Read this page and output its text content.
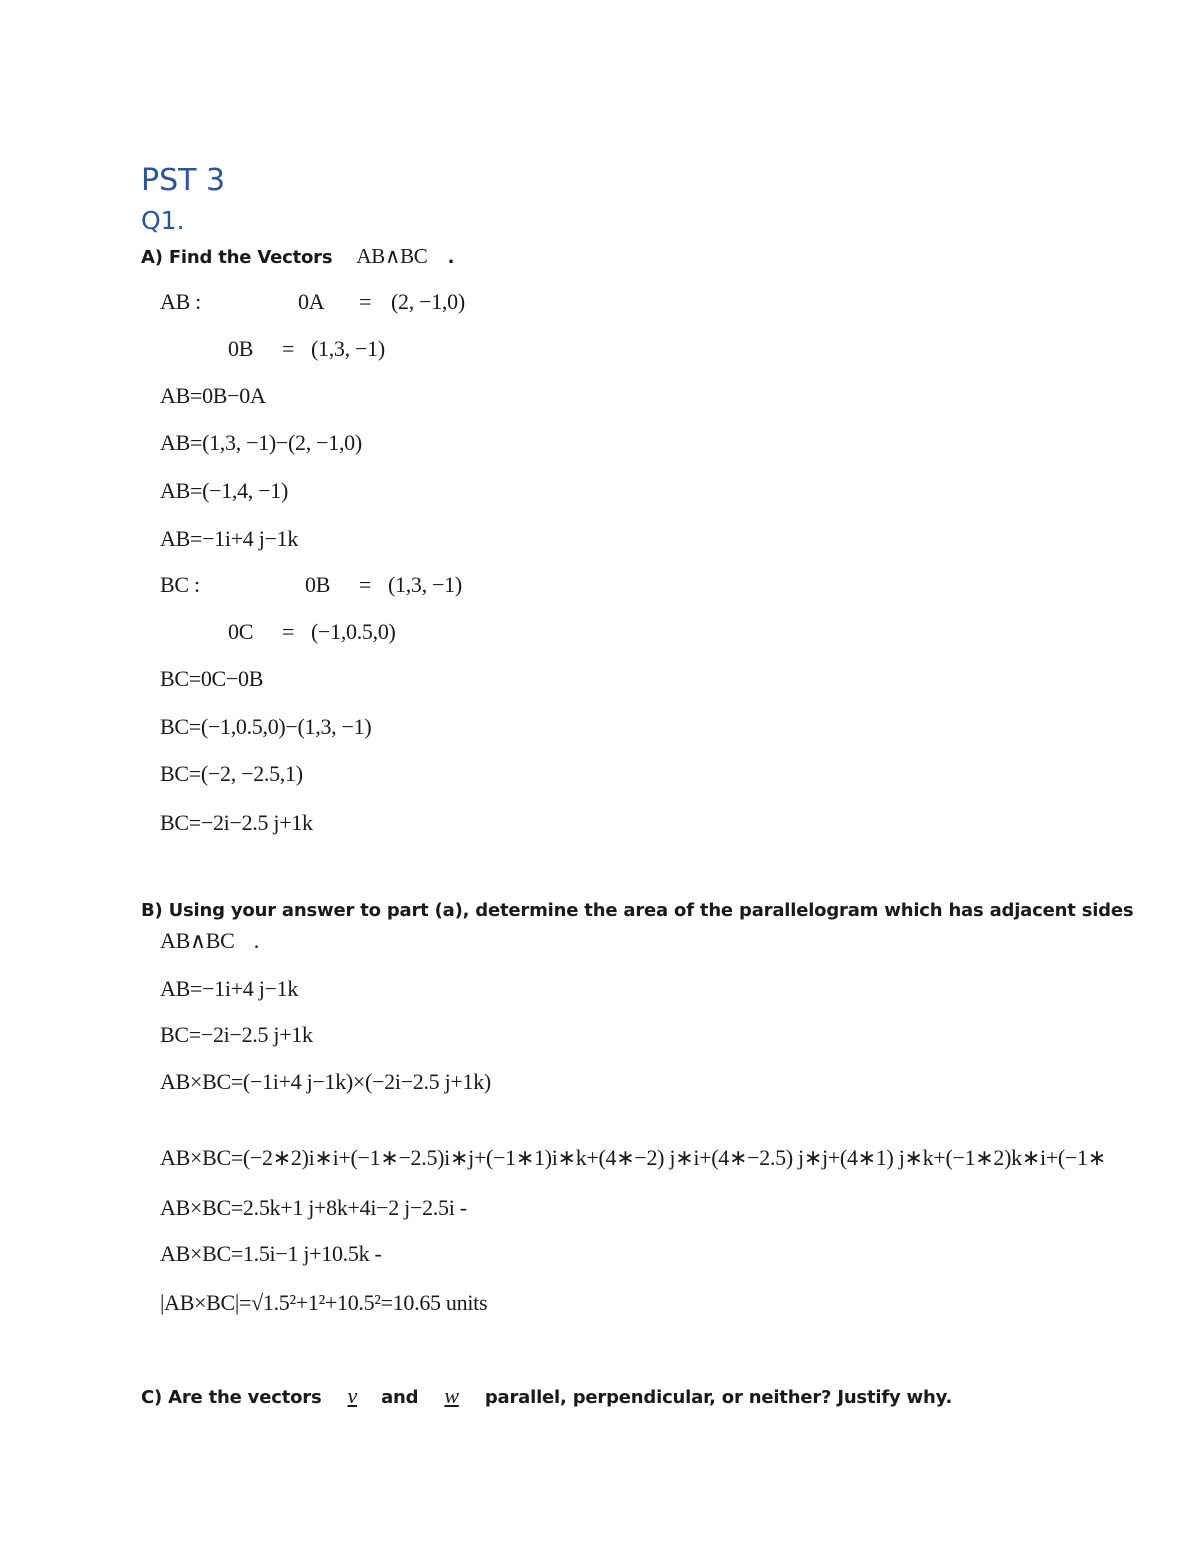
PST 3
Q1.
A) Find the Vectors AB∧BC .
AB :	0A = (2, −1,0)
0B = (1,3, −1)
AB=0B−0A
AB=(1,3, −1)−(2, −1,0)
AB=(−1,4, −1)
AB=−1i+4 j−1k
BC :	0B = (1,3, −1)
0C = (−1,0.5,0)
BC=0C−0B
BC=(−1,0.5,0)−(1,3, −1)
BC=(−2, −2.5,1)
BC=−2i−2.5 j+1k
B) Using your answer to part (a), determine the area of the parallelogram which has adjacent sides
AB∧BC .
AB=−1i+4 j−1k
BC=−2i−2.5 j+1k
AB×BC=(−1i+4 j−1k)×(−2i−2.5 j+1k)
AB×BC=(−2∗2)i∗i+(−1∗−2.5)i∗j+(−1∗1)i∗k+(4∗−2) j∗i+(4∗−2.5) j∗j+(4∗1) j∗k+(−1∗2)k∗i+(−1∗
AB×BC=2.5k+1 j+8k+4i−2 j−2.5i -
AB×BC=1.5i−1 j+10.5k -
|AB×BC|=√1.5²+1²+10.5²=10.65 units
C) Are the vectors v and w parallel, perpendicular, or neither? Justify why.
